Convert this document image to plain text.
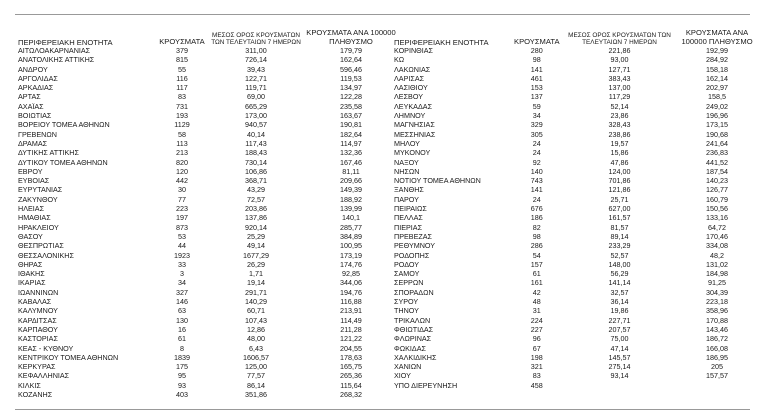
ΠΕΡΙΦΕΡΕΙΑΚΗ ΕΝΟΤΗΤΑ	ΚΡΟΥΣΜΑΤΑ	ΜΕΣΟΣ ΟΡΟΣ ΚΡΟΥΣΜΑΤΩΝ ΤΩΝ ΤΕΛΕΥΤΑΙΩΝ 7 ΗΜΕΡΩΝ	ΚΡΟΥΣΜΑΤΑ ΑΝΑ 100000 ΠΛΗΘΥΣΜΟ
ΑΙΤΩΛΟΑΚΑΡΝΑΝΙΑΣ	379	311,00	179,79
ΑΝΑΤΟΛΙΚΗΣ ΑΤΤΙΚΗΣ	815	726,14	162,64
ΑΝΔΡΟΥ	55	39,43	596,46
ΑΡΓΟΛΙΔΑΣ	116	122,71	119,53
ΑΡΚΑΔΙΑΣ	117	119,71	134,97
ΑΡΤΑΣ	83	69,00	122,28
ΑΧΑΪΑΣ	731	665,29	235,58
ΒΟΙΩΤΙΑΣ	193	173,00	163,67
ΒΟΡΕΙΟΥ ΤΟΜΕΑ ΑΘΗΝΩΝ	1129	940,57	190,81
ΓΡΕΒΕΝΩΝ	58	40,14	182,64
ΔΡΑΜΑΣ	113	117,43	114,97
ΔΥΤΙΚΗΣ ΑΤΤΙΚΗΣ	213	188,43	132,36
ΔΥΤΙΚΟΥ ΤΟΜΕΑ ΑΘΗΝΩΝ	820	730,14	167,46
ΕΒΡΟΥ	120	106,86	81,11
ΕΥΒΟΙΑΣ	442	368,71	209,66
ΕΥΡΥΤΑΝΙΑΣ	30	43,29	149,39
ΖΑΚΥΝΘΟΥ	77	72,57	188,92
ΗΛΕΙΑΣ	223	203,86	139,99
ΗΜΑΘΙΑΣ	197	137,86	140,1
ΗΡΑΚΛΕΙΟΥ	873	920,14	285,77
ΘΑΣΟΥ	53	25,29	384,89
ΘΕΣΠΡΩΤΙΑΣ	44	49,14	100,95
ΘΕΣΣΑΛΟΝΙΚΗΣ	1923	1677,29	173,19
ΘΗΡΑΣ	33	26,29	174,76
ΙΘΑΚΗΣ	3	1,71	92,85
ΙΚΑΡΙΑΣ	34	19,14	344,06
ΙΩΑΝΝΙΝΩΝ	327	291,71	194,76
ΚΑΒΑΛΑΣ	146	140,29	116,88
ΚΑΛΥΜΝΟΥ	63	60,71	213,91
ΚΑΡΔΙΤΣΑΣ	130	107,43	114,49
ΚΑΡΠΑΘΟΥ	16	12,86	211,28
ΚΑΣΤΟΡΙΑΣ	61	48,00	121,22
ΚΕΑΣ - ΚΥΘΝΟΥ	8	6,43	204,55
ΚΕΝΤΡΙΚΟΥ ΤΟΜΕΑ ΑΘΗΝΩΝ	1839	1606,57	178,63
ΚΕΡΚΥΡΑΣ	175	125,00	165,75
ΚΕΦΑΛΛΗΝΙΑΣ	95	77,57	265,36
ΚΙΛΚΙΣ	93	86,14	115,64
ΚΟΖΑΝΗΣ	403	351,86	268,32
ΠΕΡΙΦΕΡΕΙΑΚΗ ΕΝΟΤΗΤΑ	ΚΡΟΥΣΜΑΤΑ	ΜΕΣΟΣ ΟΡΟΣ ΚΡΟΥΣΜΑΤΩΝ ΤΩΝ ΤΕΛΕΥΤΑΙΩΝ 7 ΗΜΕΡΩΝ	ΚΡΟΥΣΜΑΤΑ ΑΝΑ 100000 ΠΛΗΘΥΣΜΟ
ΚΟΡΙΝΘΙΑΣ	280	221,86	192,99
ΚΩ	98	93,00	284,92
ΛΑΚΩΝΙΑΣ	141	127,71	158,18
ΛΑΡΙΣΑΣ	461	383,43	162,14
ΛΑΣΙΘΙΟΥ	153	137,00	202,97
ΛΕΣΒΟΥ	137	117,29	158,5
ΛΕΥΚΑΔΑΣ	59	52,14	249,02
ΛΗΜΝΟΥ	34	23,86	196,96
ΜΑΓΝΗΣΙΑΣ	329	328,43	173,15
ΜΕΣΣΗΝΙΑΣ	305	238,86	190,68
ΜΗΛΟΥ	24	19,57	241,64
ΜΥΚΟΝΟΥ	24	15,86	236,83
ΝΑΞΟΥ	92	47,86	441,52
ΝΗΣΩΝ	140	124,00	187,54
ΝΟΤΙΟΥ ΤΟΜΕΑ ΑΘΗΝΩΝ	743	701,86	140,23
ΞΑΝΘΗΣ	141	121,86	126,77
ΠΑΡΟΥ	24	25,71	160,79
ΠΕΙΡΑΙΩΣ	676	627,00	150,56
ΠΕΛΛΑΣ	186	161,57	133,16
ΠΙΕΡΙΑΣ	82	81,57	64,72
ΠΡΕΒΕΖΑΣ	98	89,14	170,46
ΡΕΘΥΜΝΟΥ	286	233,29	334,08
ΡΟΔΟΠΗΣ	54	52,57	48,2
ΡΟΔΟΥ	157	148,00	131,02
ΣΑΜΟΥ	61	56,29	184,98
ΣΕΡΡΩΝ	161	141,14	91,25
ΣΠΟΡΑΔΩΝ	42	32,57	304,39
ΣΥΡΟΥ	48	36,14	223,18
ΤΗΝΟΥ	31	19,86	358,96
ΤΡΙΚΑΛΩΝ	224	227,71	170,88
ΦΘΙΩΤΙΔΑΣ	227	207,57	143,46
ΦΛΩΡΙΝΑΣ	96	75,00	186,72
ΦΩΚΙΔΑΣ	67	47,14	166,08
ΧΑΛΚΙΔΙΚΗΣ	198	145,57	186,95
ΧΑΝΙΩΝ	321	275,14	205
ΧΙΟΥ	83	93,14	157,57
ΥΠΟ ΔΙΕΡΕΥΝΗΣΗ	458		
